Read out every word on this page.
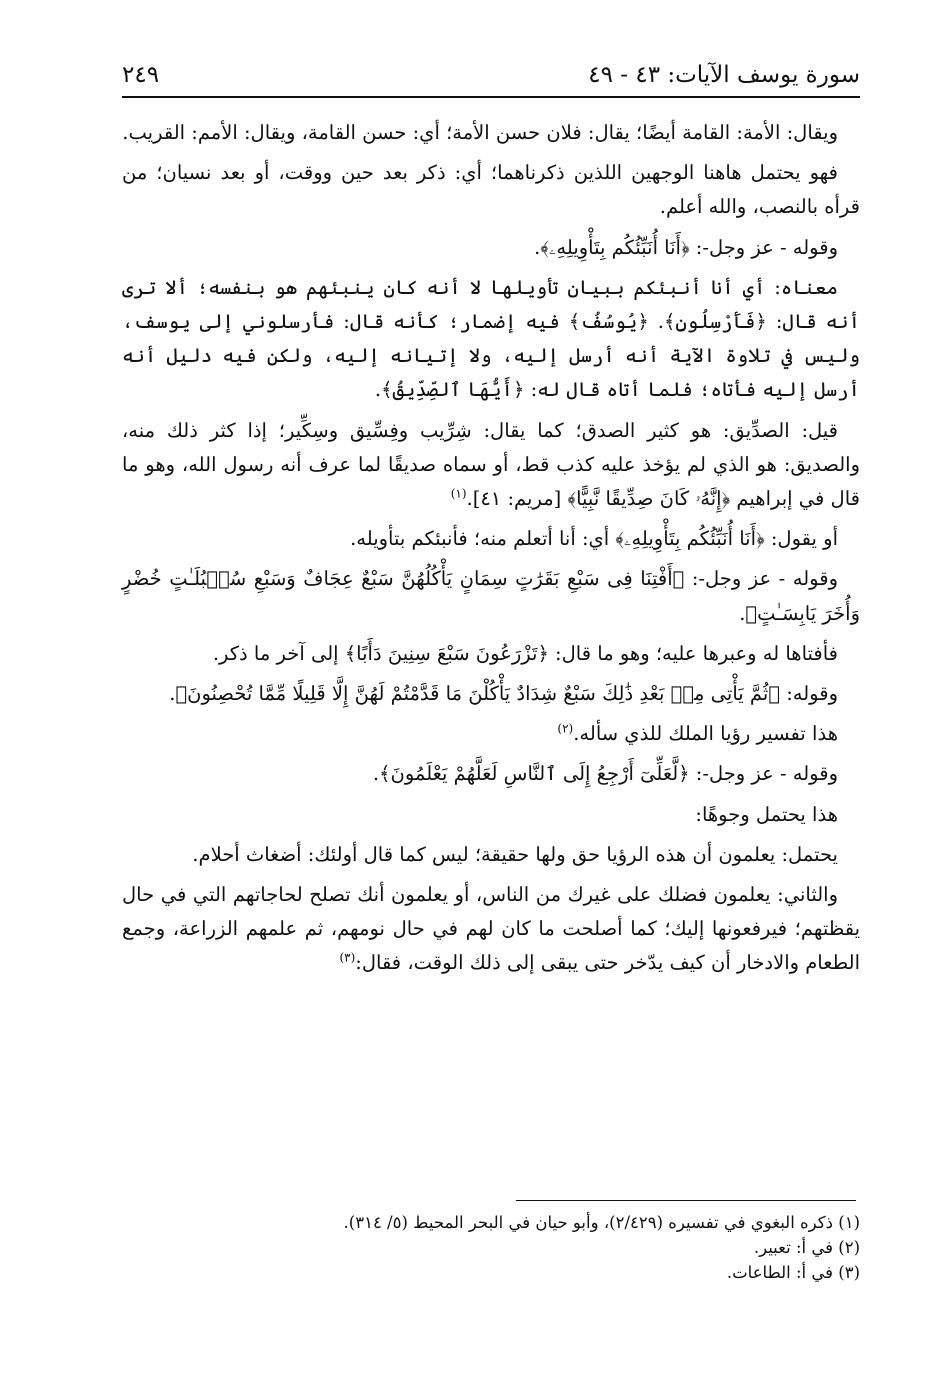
سورة يوسف الآيات: ٤٣ - ٤٩
٢٤٩

ويقال: الأمة: القامة أيضًا؛ يقال: فلان حسن الأمة؛ أي: حسن القامة، ويقال: الأمم: القريب.

فهو يحتمل هاهنا الوجهين اللذين ذكرناهما؛ أي: ذكر بعد حين ووقت، أو بعد نسيان؛ من قرأه بالنصب، والله أعلم.

وقوله - عز وجل-: ﴿أَنَا أُنَبِّئُكُم بِتَأْوِيلِهِۦ﴾.

معناه: أي أنا أنبئكم ببيان تأويلها لا أنه كان ينبئهم هو بنفسه؛ ألا ترى أنه قال: ﴿فَأَرْسِلُونِ﴾. ﴿يُوسُفُ﴾ فيه إضمار؛ كأنه قال: فأرسلوني إلى يوسف، وليس في تلاوة الآية أنه أرسل إليه، ولا إتيانه إليه، ولكن فيه دليل أنه أرسل إليه فأتاه؛ فلما أتاه قال له: ﴿أَيُّهَا ٱلصِّدِّيقُ﴾.

قيل: الصدِّيق: هو كثير الصدق؛ كما يقال: شِرِّيب وفِسِّيق وسِكِّير؛ إذا كثر ذلك منه، والصديق: هو الذي لم يؤخذ عليه كذب قط، أو سماه صديقًا لما عرف أنه رسول الله، وهو ما قال في إبراهيم ﴿إِنَّهُۥ كَانَ صِدِّيقًا نَّبِيًّا﴾ [مريم: ٤١].$^{(١)}$

أو يقول: ﴿أَنَا أُنَبِّئُكُم بِتَأْوِيلِهِۦ﴾ أي: أنا أتعلم منه؛ فأنبئكم بتأويله.

وقوله - عز وجل-: ﴿أَفْتِنَا فِى سَبْعِ بَقَرَٰتٍ سِمَانٍ يَأْكُلُهُنَّ سَبْعٌ عِجَافٌ وَسَبْعِ سُنۢبُلَـٰتٍ خُضْرٍ وَأُخَرَ يَابِسَـٰتٍ﴾.

فأفتاها له وعبرها عليه؛ وهو ما قال: ﴿تَزْرَعُونَ سَبْعَ سِنِينَ دَأَبًا﴾ إلى آخر ما ذكر.

وقوله: ﴿ثُمَّ يَأْتِى مِنۢ بَعْدِ ذَٰلِكَ سَبْعٌ شِدَادٌ يَأْكُلْنَ مَا قَدَّمْتُمْ لَهُنَّ إِلَّا قَلِيلًا مِّمَّا تُحْصِنُونَ﴾.

هذا تفسير رؤيا الملك للذي سأله.$^{(٢)}$

وقوله - عز وجل-: ﴿لَّعَلِّىٓ أَرْجِعُ إِلَى ٱلنَّاسِ لَعَلَّهُمْ يَعْلَمُونَ﴾.

هذا يحتمل وجوهًا:

يحتمل: يعلمون أن هذه الرؤيا حق ولها حقيقة؛ ليس كما قال أولئك: أضغاث أحلام.

والثاني: يعلمون فضلك على غيرك من الناس، أو يعلمون أنك تصلح لحاجاتهم التي في حال يقظتهم؛ فيرفعونها إليك؛ كما أصلحت ما كان لهم في حال نومهم، ثم علمهم الزراعة، وجمع الطعام والادخار أن كيف يدّخر حتى يبقى إلى ذلك الوقت، فقال:$^{(٣)}$

(١) ذكره البغوي في تفسيره (٢/٤٢٩)، وأبو حيان في البحر المحيط (٥/ ٣١٤).

(٢) في أ: تعبير.

(٣) في أ: الطاعات.
